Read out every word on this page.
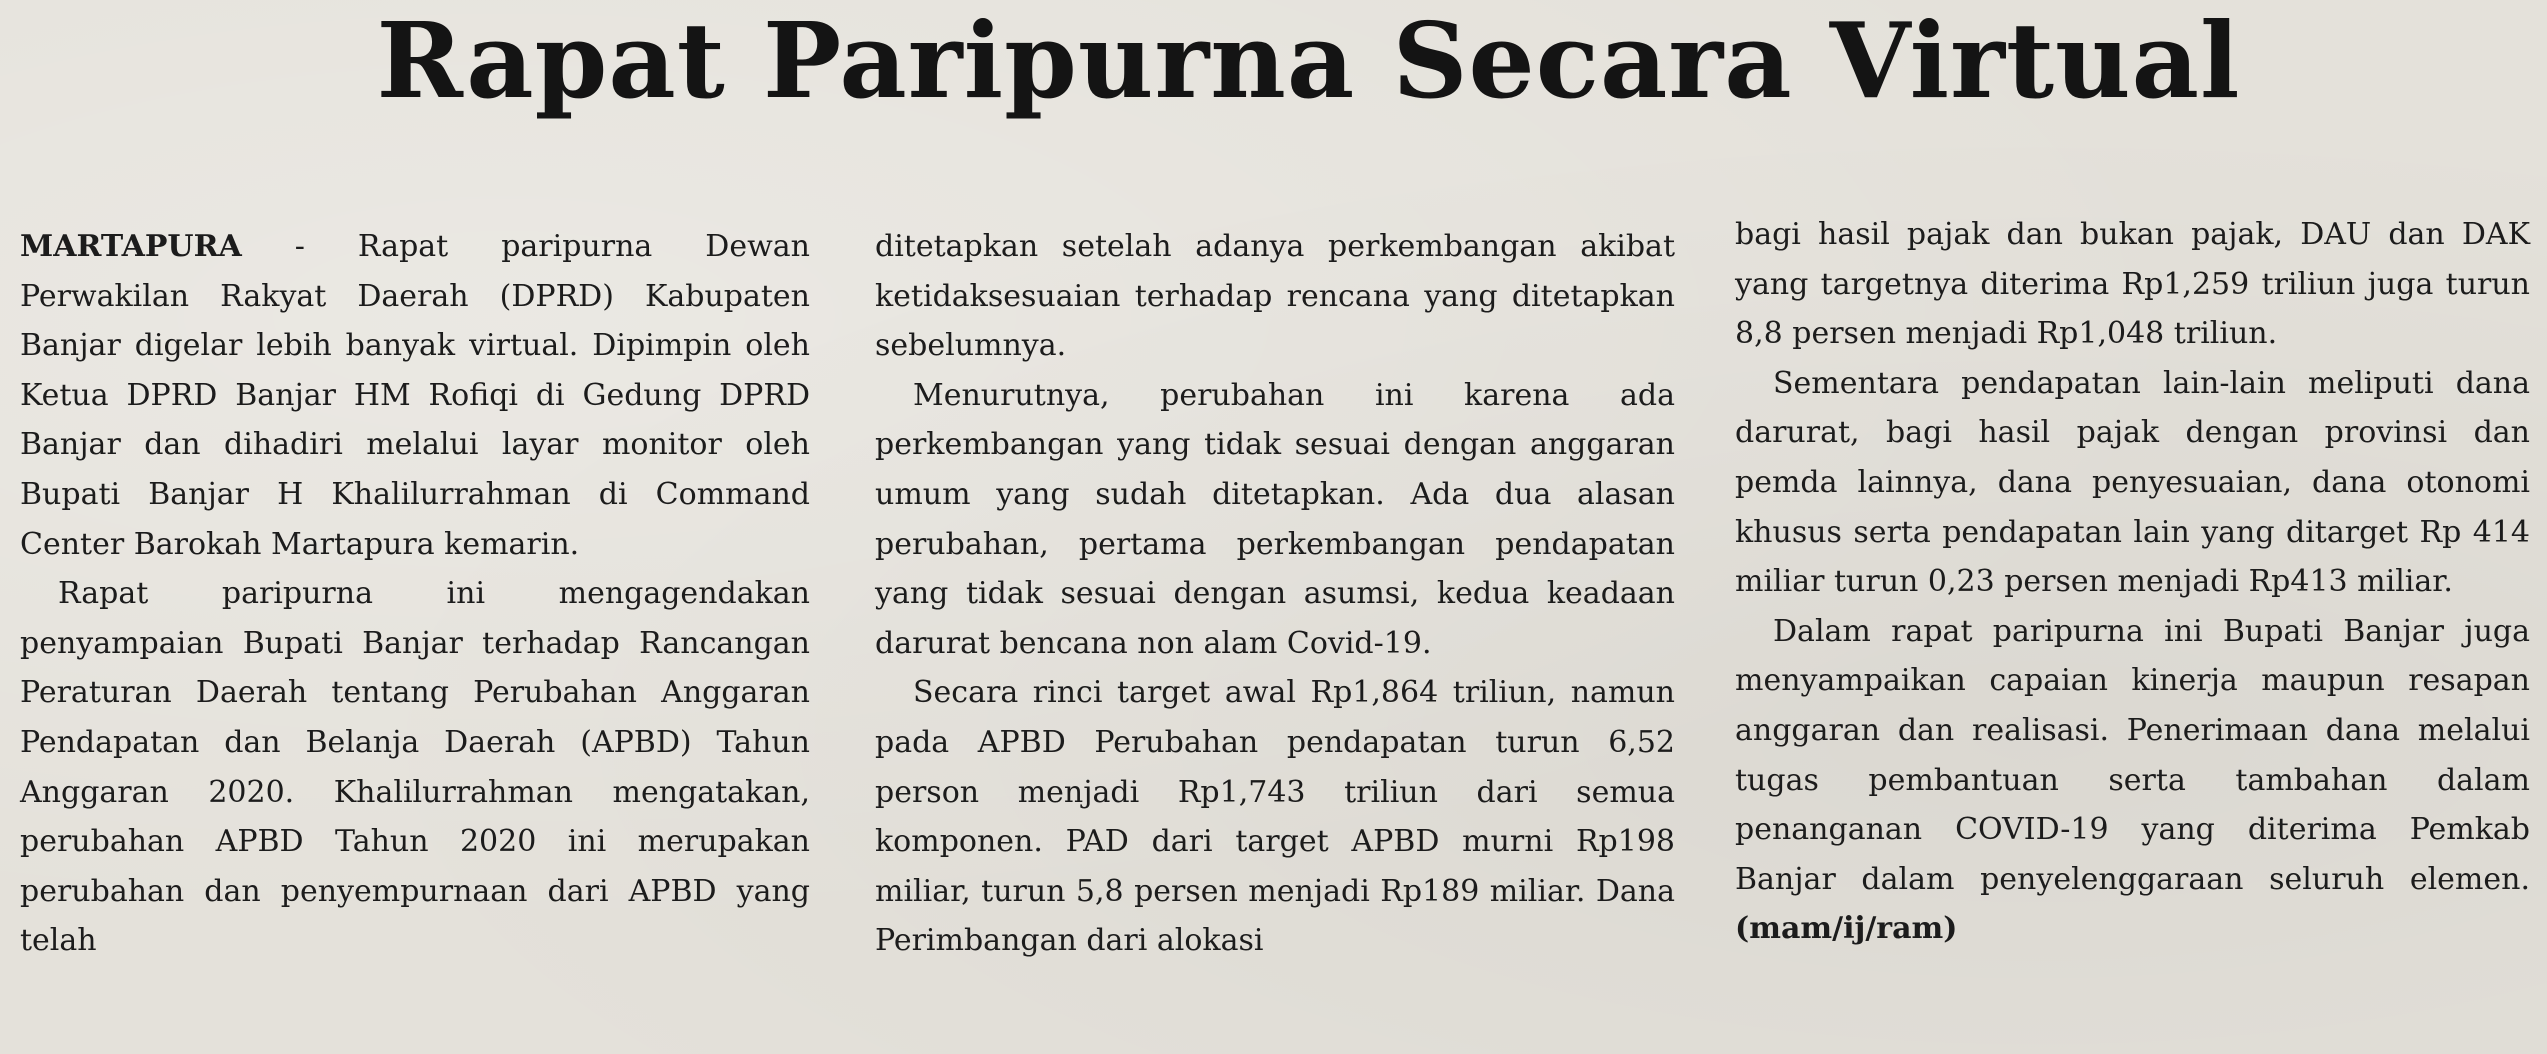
Rapat Paripurna Secara Virtual

MARTAPURA - Rapat paripurna Dewan Perwakilan Rakyat Daerah (DPRD) Kabupaten Banjar digelar lebih banyak virtual. Dipimpin oleh Ketua DPRD Banjar HM Rofiqi di Gedung DPRD Banjar dan dihadiri melalui layar monitor oleh Bupati Banjar H Khalilurrahman di Command Center Barokah Martapura kemarin.

Rapat paripurna ini mengagendakan penyampaian Bupati Banjar terhadap Rancangan Peraturan Daerah tentang Perubahan Anggaran Pendapatan dan Belanja Daerah (APBD) Tahun Anggaran 2020. Khalilurrahman mengatakan, perubahan APBD Tahun 2020 ini merupakan perubahan dan penyempurnaan dari APBD yang telah

ditetapkan setelah adanya perkembangan akibat ketidaksesuaian terhadap rencana yang ditetapkan sebelumnya.

Menurutnya, perubahan ini karena ada perkembangan yang tidak sesuai dengan anggaran umum yang sudah ditetapkan. Ada dua alasan perubahan, pertama perkembangan pendapatan yang tidak sesuai dengan asumsi, kedua keadaan darurat bencana non alam Covid-19.

Secara rinci target awal Rp1,864 triliun, namun pada APBD Perubahan pendapatan turun 6,52 person menjadi Rp1,743 triliun dari semua komponen. PAD dari target APBD murni Rp198 miliar, turun 5,8 persen menjadi Rp189 miliar. Dana Perimbangan dari alokasi

bagi hasil pajak dan bukan pajak, DAU dan DAK yang targetnya diterima Rp1,259 triliun juga turun 8,8 persen menjadi Rp1,048 triliun.

Sementara pendapatan lain-lain meliputi dana darurat, bagi hasil pajak dengan provinsi dan pemda lainnya, dana penyesuaian, dana otonomi khusus serta pendapatan lain yang ditarget Rp 414 miliar turun 0,23 persen menjadi Rp413 miliar.

Dalam rapat paripurna ini Bupati Banjar juga menyampaikan capaian kinerja maupun resapan anggaran dan realisasi. Penerimaan dana melalui tugas pembantuan serta tambahan dalam penanganan COVID-19 yang diterima Pemkab Banjar dalam penyelenggaraan seluruh elemen. (mam/ij/ram)
